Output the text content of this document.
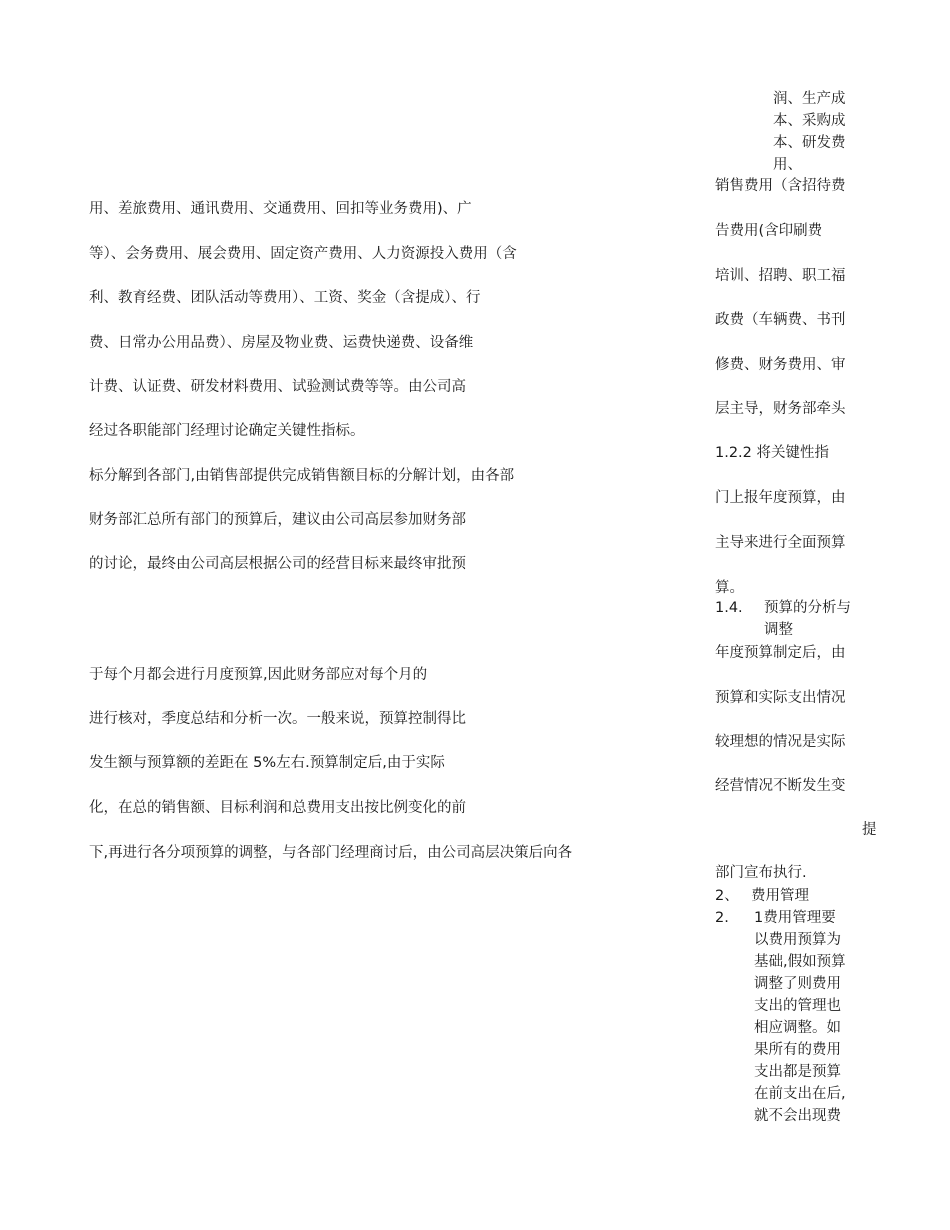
润、生产成
本、采购成
本、研发费
用、
销售费用（含招待费
告费用(含印刷费
培训、招聘、职工福
政费（车辆费、书刊
修费、财务费用、审
层主导，财务部牵头
1.2.2 将关键性指
门上报年度预算，由
主导来进行全面预算
算。
1.4. 预算的分析与
调整
年度预算制定后，由
预算和实际支出情况
较理想的情况是实际
经营情况不断发生变
提
部门宣布执行.
2、 费用管理
2. 1费用管理要
以费用预算为
基础,假如预算
调整了则费用
支出的管理也
相应调整。如
果所有的费用
支出都是预算
在前支出在后,
就不会出现费
用、差旅费用、通讯费用、交通费用、回扣等业务费用)、广
等）、会务费用、展会费用、固定资产费用、人力资源投入费用（含
利、教育经费、团队活动等费用）、工资、奖金（含提成）、行
费、日常办公用品费）、房屋及物业费、运费快递费、设备维
计费、认证费、研发材料费用、试验测试费等等。由公司高
经过各职能部门经理讨论确定关键性指标。
标分解到各部门,由销售部提供完成销售额目标的分解计划，由各部
财务部汇总所有部门的预算后，建议由公司高层参加财务部
的讨论，最终由公司高层根据公司的经营目标来最终审批预
于每个月都会进行月度预算,因此财务部应对每个月的
进行核对，季度总结和分析一次。一般来说，预算控制得比
发生额与预算额的差距在 5%左右.预算制定后,由于实际
化，在总的销售额、目标利润和总费用支出按比例变化的前
下,再进行各分项预算的调整，与各部门经理商讨后，由公司高层决策后向各
